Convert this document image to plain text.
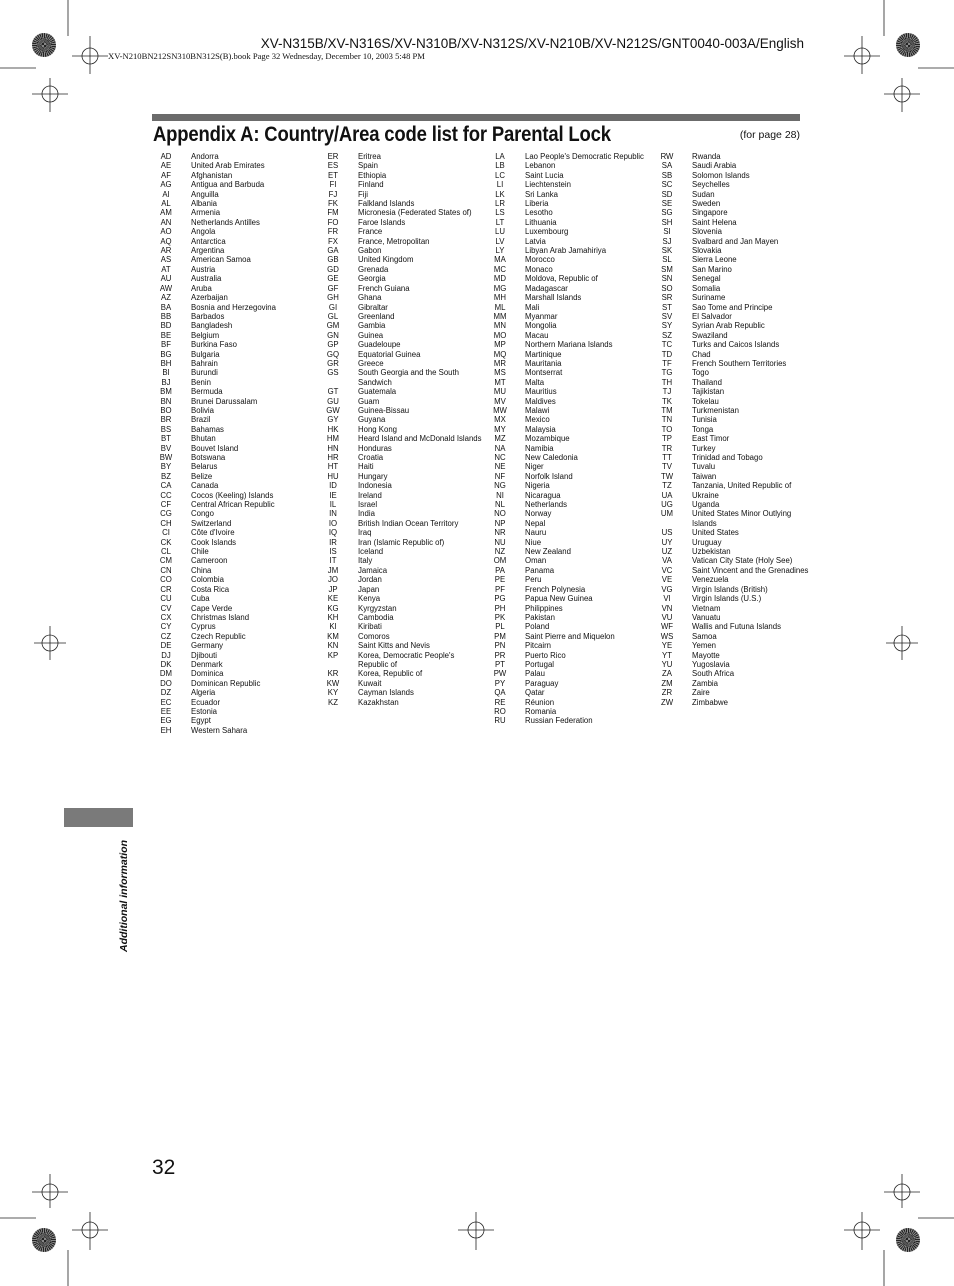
XV-N315B/XV-N316S/XV-N310B/XV-N312S/XV-N210B/XV-N212S/GNT0040-003A/English
XV-N210BN212SN310BN312S(B).book Page 32 Wednesday, December 10, 2003 5:48 PM
Appendix A: Country/Area code list for Parental Lock	(for page 28)
AD	Andorra
AE	United Arab Emirates
AF	Afghanistan
AG	Antigua and Barbuda
AI	Anguilla
AL	Albania
AM	Armenia
AN	Netherlands Antilles
AO	Angola
AQ	Antarctica
AR	Argentina
AS	American Samoa
AT	Austria
AU	Australia
AW	Aruba
AZ	Azerbaijan
BA	Bosnia and Herzegovina
BB	Barbados
BD	Bangladesh
BE	Belgium
BF	Burkina Faso
BG	Bulgaria
BH	Bahrain
BI	Burundi
BJ	Benin
BM	Bermuda
BN	Brunei Darussalam
BO	Bolivia
BR	Brazil
BS	Bahamas
BT	Bhutan
BV	Bouvet Island
BW	Botswana
BY	Belarus
BZ	Belize
CA	Canada
CC	Cocos (Keeling) Islands
CF	Central African Republic
CG	Congo
CH	Switzerland
CI	Côte d'Ivoire
CK	Cook Islands
CL	Chile
CM	Cameroon
CN	China
CO	Colombia
CR	Costa Rica
CU	Cuba
CV	Cape Verde
CX	Christmas Island
CY	Cyprus
CZ	Czech Republic
DE	Germany
DJ	Djibouti
DK	Denmark
DM	Dominica
DO	Dominican Republic
DZ	Algeria
EC	Ecuador
EE	Estonia
EG	Egypt
EH	Western Sahara
ER	Eritrea
ES	Spain
ET	Ethiopia
FI	Finland
FJ	Fiji
FK	Falkland Islands
FM	Micronesia (Federated States of)
FO	Faroe Islands
FR	France
FX	France, Metropolitan
GA	Gabon
GB	United Kingdom
GD	Grenada
GE	Georgia
GF	French Guiana
GH	Ghana
GI	Gibraltar
GL	Greenland
GM	Gambia
GN	Guinea
GP	Guadeloupe
GQ	Equatorial Guinea
GR	Greece
GS	South Georgia and the South Sandwich
GT	Guatemala
GU	Guam
GW	Guinea-Bissau
GY	Guyana
HK	Hong Kong
HM	Heard Island and McDonald Islands
HN	Honduras
HR	Croatia
HT	Haiti
HU	Hungary
ID	Indonesia
IE	Ireland
IL	Israel
IN	India
IO	British Indian Ocean Territory
IQ	Iraq
IR	Iran (Islamic Republic of)
IS	Iceland
IT	Italy
JM	Jamaica
JO	Jordan
JP	Japan
KE	Kenya
KG	Kyrgyzstan
KH	Cambodia
KI	Kiribati
KM	Comoros
KN	Saint Kitts and Nevis
KP	Korea, Democratic People's Republic of
KR	Korea, Republic of
KW	Kuwait
KY	Cayman Islands
KZ	Kazakhstan
LA	Lao People's Democratic Republic
LB	Lebanon
LC	Saint Lucia
LI	Liechtenstein
LK	Sri Lanka
LR	Liberia
LS	Lesotho
LT	Lithuania
LU	Luxembourg
LV	Latvia
LY	Libyan Arab Jamahiriya
MA	Morocco
MC	Monaco
MD	Moldova, Republic of
MG	Madagascar
MH	Marshall Islands
ML	Mali
MM	Myanmar
MN	Mongolia
MO	Macau
MP	Northern Mariana Islands
MQ	Martinique
MR	Mauritania
MS	Montserrat
MT	Malta
MU	Mauritius
MV	Maldives
MW	Malawi
MX	Mexico
MY	Malaysia
MZ	Mozambique
NA	Namibia
NC	New Caledonia
NE	Niger
NF	Norfolk Island
NG	Nigeria
NI	Nicaragua
NL	Netherlands
NO	Norway
NP	Nepal
NR	Nauru
NU	Niue
NZ	New Zealand
OM	Oman
PA	Panama
PE	Peru
PF	French Polynesia
PG	Papua New Guinea
PH	Philippines
PK	Pakistan
PL	Poland
PM	Saint Pierre and Miquelon
PN	Pitcairn
PR	Puerto Rico
PT	Portugal
PW	Palau
PY	Paraguay
QA	Qatar
RE	Réunion
RO	Romania
RU	Russian Federation
RW	Rwanda
SA	Saudi Arabia
SB	Solomon Islands
SC	Seychelles
SD	Sudan
SE	Sweden
SG	Singapore
SH	Saint Helena
SI	Slovenia
SJ	Svalbard and Jan Mayen
SK	Slovakia
SL	Sierra Leone
SM	San Marino
SN	Senegal
SO	Somalia
SR	Suriname
ST	Sao Tome and Principe
SV	El Salvador
SY	Syrian Arab Republic
SZ	Swaziland
TC	Turks and Caicos Islands
TD	Chad
TF	French Southern Territories
TG	Togo
TH	Thailand
TJ	Tajikistan
TK	Tokelau
TM	Turkmenistan
TN	Tunisia
TO	Tonga
TP	East Timor
TR	Turkey
TT	Trinidad and Tobago
TV	Tuvalu
TW	Taiwan
TZ	Tanzania, United Republic of
UA	Ukraine
UG	Uganda
UM	United States Minor Outlying Islands
US	United States
UY	Uruguay
UZ	Uzbekistan
VA	Vatican City State (Holy See)
VC	Saint Vincent and the Grenadines
VE	Venezuela
VG	Virgin Islands (British)
VI	Virgin Islands (U.S.)
VN	Vietnam
VU	Vanuatu
WF	Wallis and Futuna Islands
WS	Samoa
YE	Yemen
YT	Mayotte
YU	Yugoslavia
ZA	South Africa
ZM	Zambia
ZR	Zaire
ZW	Zimbabwe
Additional information
32
